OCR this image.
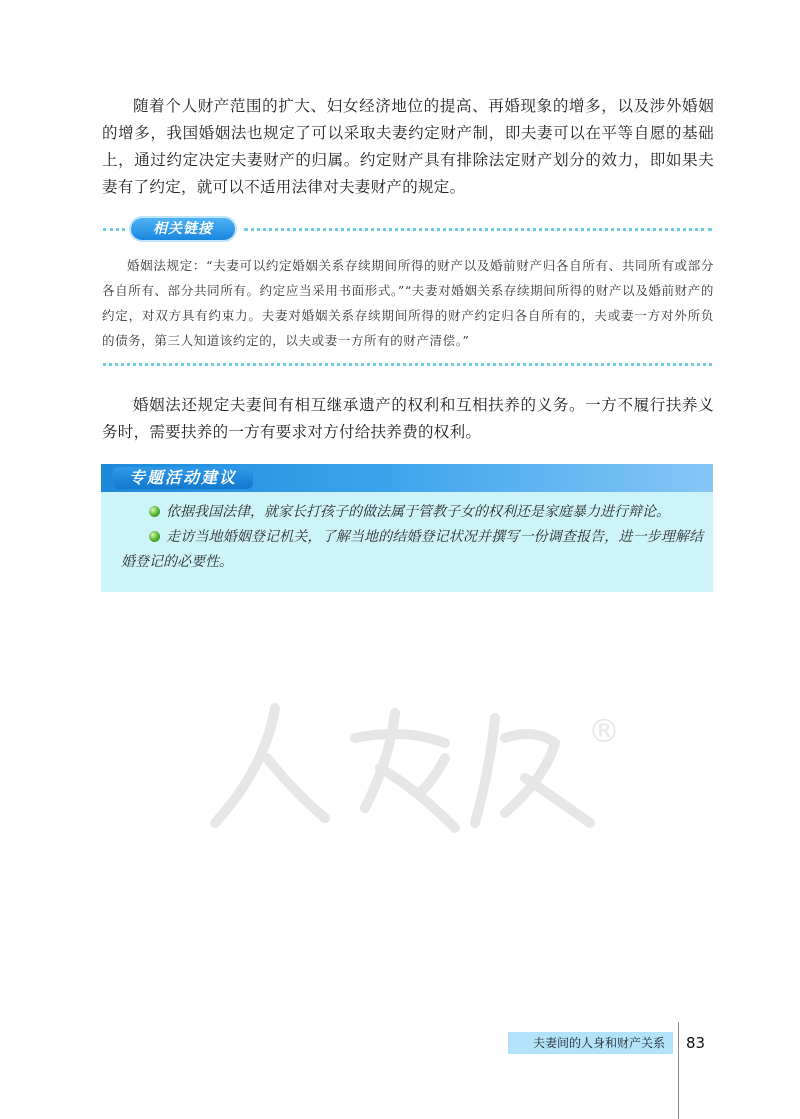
随着个人财产范围的扩大、妇女经济地位的提高、再婚现象的增多，以及涉外婚姻的增多，我国婚姻法也规定了可以采取夫妻约定财产制，即夫妻可以在平等自愿的基础上，通过约定决定夫妻财产的归属。约定财产具有排除法定财产划分的效力，即如果夫妻有了约定，就可以不适用法律对夫妻财产的规定。

相关链接

婚姻法规定：“夫妻可以约定婚姻关系存续期间所得的财产以及婚前财产归各自所有、共同所有或部分各自所有、部分共同所有。约定应当采用书面形式。”“夫妻对婚姻关系存续期间所得的财产以及婚前财产的约定，对双方具有约束力。夫妻对婚姻关系存续期间所得的财产约定归各自所有的，夫或妻一方对外所负的债务，第三人知道该约定的，以夫或妻一方所有的财产清偿。”

婚姻法还规定夫妻间有相互继承遗产的权利和互相扶养的义务。一方不履行扶养义务时，需要扶养的一方有要求对方付给扶养费的权利。

专题活动建议

依据我国法律，就家长打孩子的做法属于管教子女的权利还是家庭暴力进行辩论。

走访当地婚姻登记机关，了解当地的结婚登记状况并撰写一份调查报告，进一步理解结婚登记的必要性。

®
夫妻间的人身和财产关系	83
